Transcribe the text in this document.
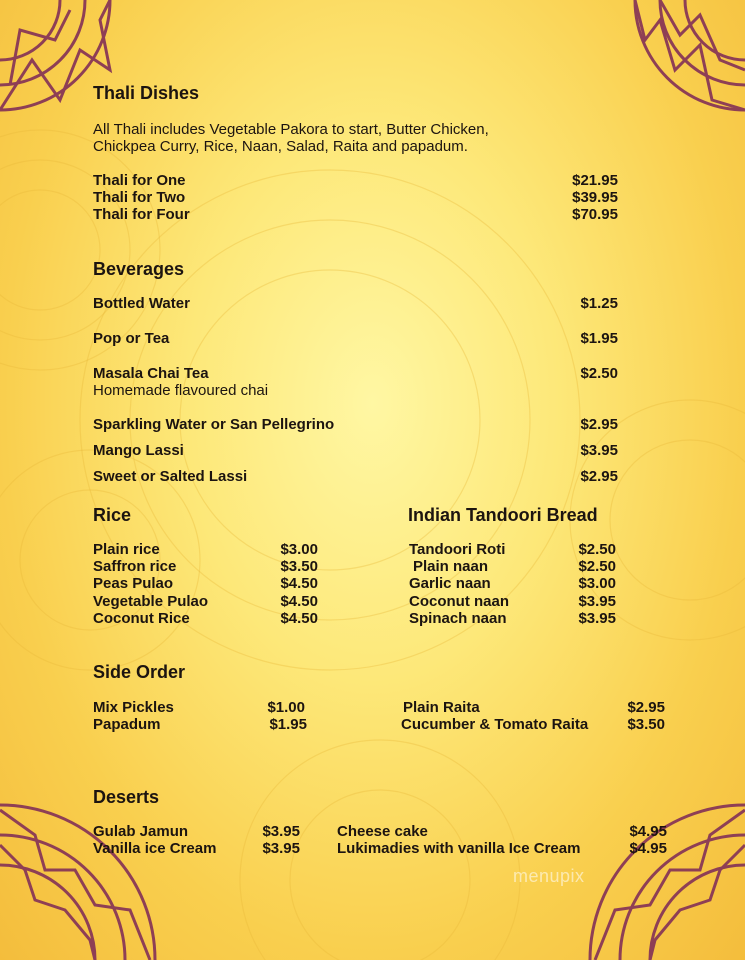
Thali Dishes
All Thali includes Vegetable Pakora to start, Butter Chicken,
Chickpea Curry, Rice, Naan, Salad, Raita and papadum.
Thali for One	$21.95
Thali for Two	$39.95
Thali for Four	$70.95
Beverages
Bottled Water	$1.25
Pop or Tea	$1.95
Masala Chai Tea	$2.50
Homemade flavoured chai
Sparkling Water or San Pellegrino	$2.95
Mango Lassi	$3.95
Sweet or Salted Lassi	$2.95
Rice
Plain rice	$3.00
Saffron rice	$3.50
Peas Pulao	$4.50
Vegetable Pulao	$4.50
Coconut Rice	$4.50
Indian Tandoori Bread
Tandoori Roti	$2.50
Plain naan	$2.50
Garlic naan	$3.00
Coconut naan	$3.95
Spinach naan	$3.95
Side Order
Mix Pickles	$1.00
Papadum	$1.95
Plain Raita	$2.95
Cucumber & Tomato Raita	$3.50
Deserts
Gulab Jamun	$3.95
Vanilla ice Cream	$3.95
Cheese cake	$4.95
Lukimadies with vanilla Ice Cream	$4.95
menupix
